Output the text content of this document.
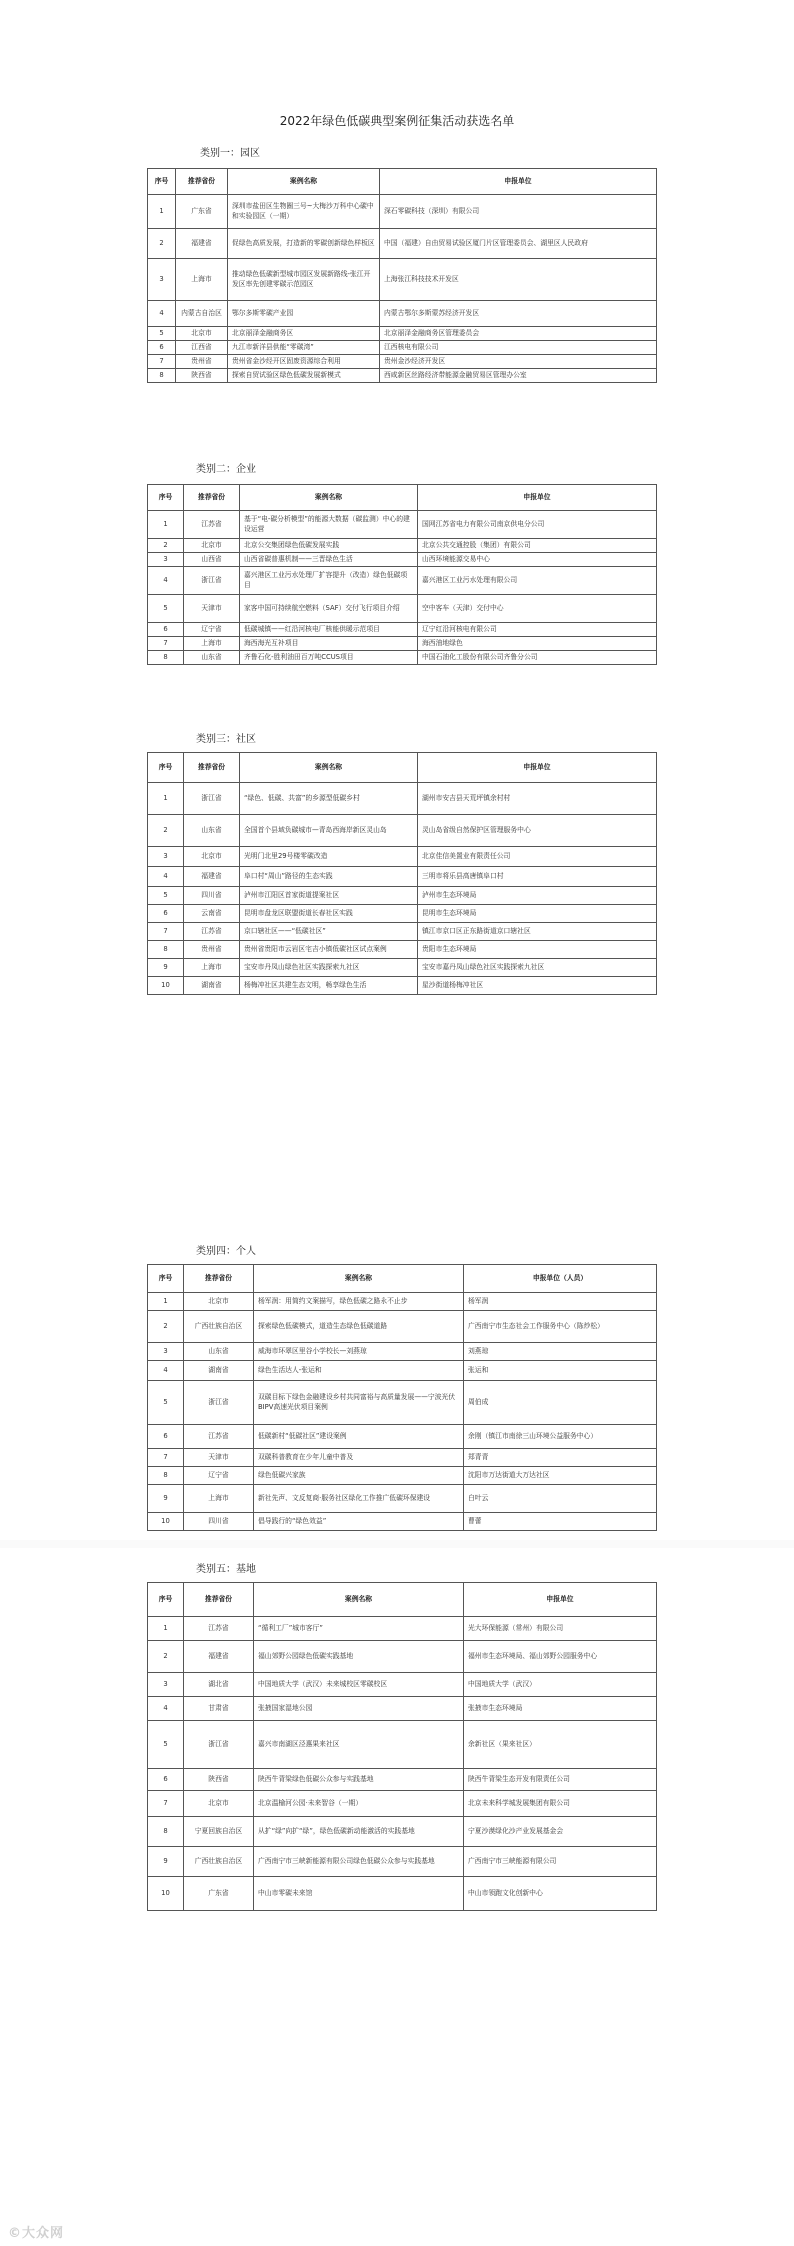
2022年绿色低碳典型案例征集活动获选名单
类别一：园区
序号	推荐省份	案例名称	申报单位
1	广东省	深圳市盐田区生物圈三号~大梅沙万科中心碳中和实验园区（一期）	深石零碳科技（深圳）有限公司
2	福建省	促绿色高质发展，打造新的零碳创新绿色样板区	中国（福建）自由贸易试验区厦门片区管理委员会、湖里区人民政府
3	上海市	推动绿色低碳新型城市园区发展新路线-张江开发区率先创建零碳示范园区	上海张江科技技术开发区
4	内蒙古自治区	鄂尔多斯零碳产业园	内蒙古鄂尔多斯蒙苏经济开发区
5	北京市	北京丽泽金融商务区	北京丽泽金融商务区管理委员会
6	江西省	九江市新洋县供能“零碳湾”	江西核电有限公司
7	贵州省	贵州省金沙经开区固废资源综合利用	贵州金沙经济开发区
8	陕西省	探索自贸试验区绿色低碳发展新模式	西咸新区丝路经济带能源金融贸易区管理办公室
类别二：企业
序号	推荐省份	案例名称	申报单位
1	江苏省	基于“电-碳分析模型”的能源大数据（碳监测）中心的建设运营	国网江苏省电力有限公司南京供电分公司
2	北京市	北京公交集团绿色低碳发展实践	北京公共交通控股（集团）有限公司
3	山西省	山西省碳普惠机制——三晋绿色生活	山西环境能源交易中心
4	浙江省	嘉兴港区工业污水处理厂扩容提升（改造）绿色低碳项目	嘉兴港区工业污水处理有限公司
5	天津市	家客中国可持续航空燃料（SAF）交付飞行项目介绍	空中客车（天津）交付中心
6	辽宁省	低碳城镇——红沿河核电厂核能供暖示范项目	辽宁红沿河核电有限公司
7	上海市	海西海光互补项目	海西油地绿色
8	山东省	齐鲁石化-胜利油田百万吨CCUS项目	中国石油化工股份有限公司齐鲁分公司
类别三：社区
序号	推荐省份	案例名称	申报单位
1	浙江省	“绿色、低碳、共富”的乡源型低碳乡村	湖州市安吉县天荒坪镇余村村
2	山东省	全国首个县域负碳城市—青岛西海岸新区灵山岛	灵山岛省级自然保护区管理服务中心
3	北京市	光明门北里29号楼零碳改造	北京佳信美置业有限责任公司
4	福建省	阜口村“周山”路径的生态实践	三明市将乐县高唐镇阜口村
5	四川省	泸州市江阳区首家街道提案社区	泸州市生态环境局
6	云南省	昆明市盘龙区联盟街道长春社区实践	昆明市生态环境局
7	江苏省	京口辖社区——“低碳社区”	镇江市京口区正东路街道京口辖社区
8	贵州省	贵州省贵阳市云岩区宅吉小镇低碳社区试点案例	贵阳市生态环境局
9	上海市	宝安市丹凤山绿色社区实践探索九社区	宝安市嘉丹凤山绿色社区实践探索九社区
10	湖南省	杨梅冲社区共建生态文明，畅享绿色生活	星沙街道杨梅冲社区
类别四：个人
序号	推荐省份	案例名称	申报单位（人员）
1	北京市	杨军润：用简约文案描写，绿色低碳之路永不止步	杨军润
2	广西壮族自治区	探索绿色低碳模式，道造生态绿色低碳道路	广西南宁市生态社会工作服务中心（陈炒松）
3	山东省	威海市环翠区里谷小学校长—刘燕琼	刘燕琼
4	湖南省	绿色生活达人-张运和	张运和
5	浙江省	双碳目标下绿色金融建设乡村共同富裕与高质量发展——宁波光伏BIPV高速光伏项目案例	周伯成
6	江苏省	低碳新村“低碳社区”建设案例	余刚（镇江市南徐三山环境公益服务中心）
7	天津市	双碳科普教育在少年儿童中普及	郑青青
8	辽宁省	绿色低碳兴家族	沈阳市万达街道大万达社区
9	上海市	新社先声、文反复商·服务社区绿化工作推广低碳环保建设	白叶云
10	四川省	倡导践行的“绿色效益”	曹蕾
类别五：基地
序号	推荐省份	案例名称	申报单位
1	江苏省	“循利工厂”城市客厅”	光大环保能源（常州）有限公司
2	福建省	福山郊野公园绿色低碳实践基地	福州市生态环境局、福山郊野公园服务中心
3	湖北省	中国地质大学（武汉）未来城校区零碳校区	中国地质大学（武汉）
4	甘肃省	张掖国家湿地公园	张掖市生态环境局
5	浙江省	嘉兴市南湖区泾惠果来社区	余新社区（果来社区）
6	陕西省	陕西牛背梁绿色低碳公众参与实践基地	陕西牛背梁生态开发有限责任公司
7	北京市	北京温榆河公园·未来智谷（一期）	北京未来科学城发展集团有限公司
8	宁夏回族自治区	从扩“绿”向扩“绿”，绿色低碳新动能激活的实践基地	宁夏沙漠绿化沙产业发展基金会
9	广西壮族自治区	广西南宁市三峡新能源有限公司绿色低碳公众参与实践基地	广西南宁市三峡能源有限公司
10	广东省	中山市零碳未来馆	中山市领跑文化创新中心
©大众网
